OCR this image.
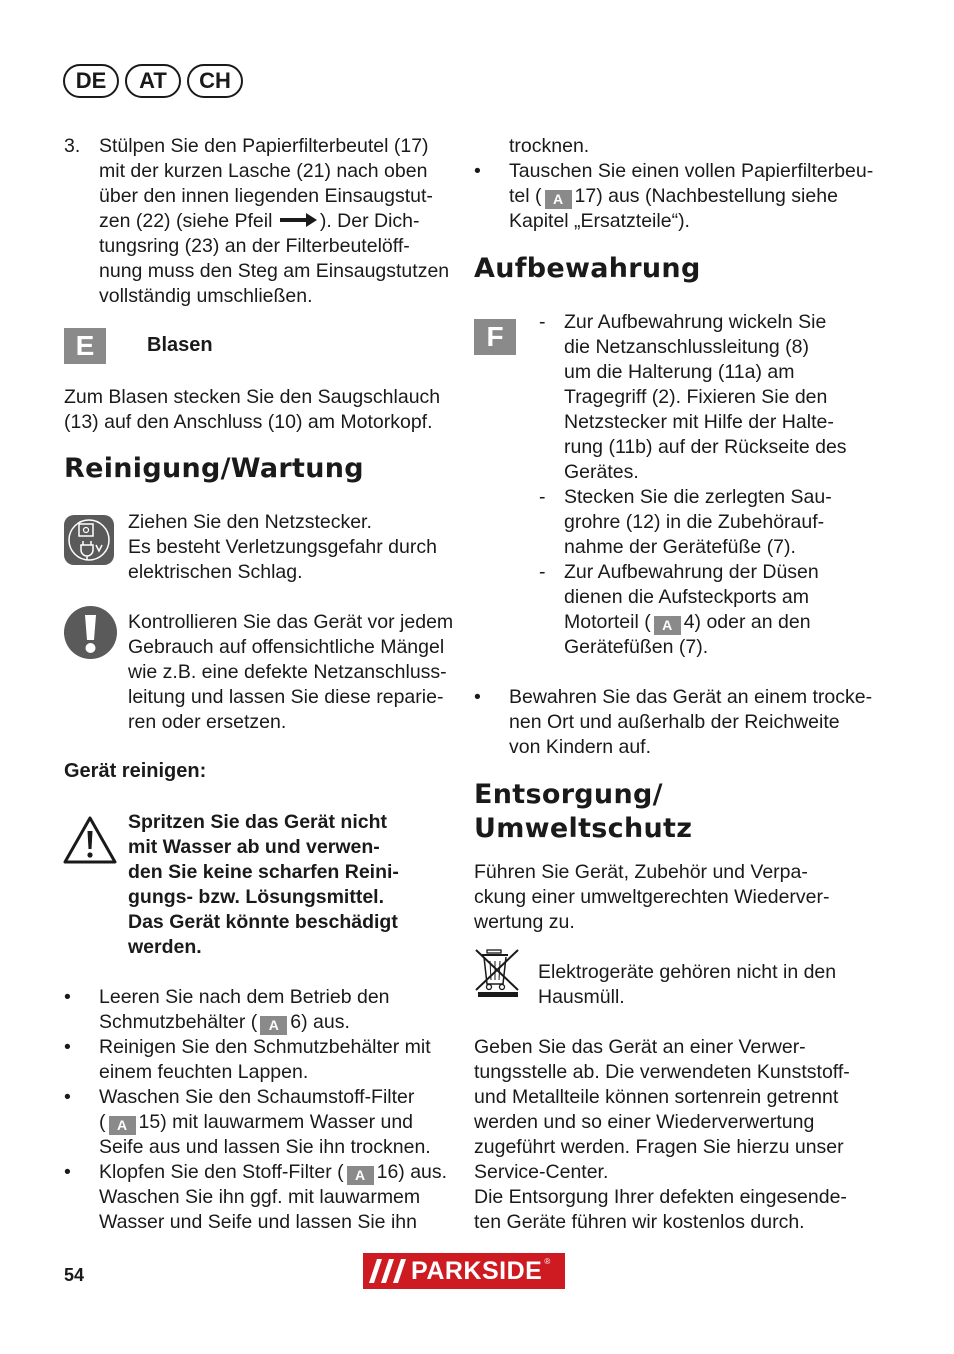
DE	AT	CH
3. Stülpen Sie den Papierfilterbeutel (17)
mit der kurzen Lasche (21) nach oben
über den innen liegenden Einsaugstut-
zen (22) (siehe Pfeil ). Der Dich-
tungsring (23) an der Filterbeutelöff-
nung muss den Steg am Einsaugstutzen
vollständig umschließen.
E	Blasen
Zum Blasen stecken Sie den Saugschlauch
(13) auf den Anschluss (10) am Motorkopf.
Reinigung/Wartung
Ziehen Sie den Netzstecker.
Es besteht Verletzungsgefahr durch
elektrischen Schlag.
Kontrollieren Sie das Gerät vor jedem
Gebrauch auf offensichtliche Mängel
wie z.B. eine defekte Netzanschluss-
leitung und lassen Sie diese reparie-
ren oder ersetzen.
Gerät reinigen:
Spritzen Sie das Gerät nicht
mit Wasser ab und verwen-
den Sie keine scharfen Reini-
gungs- bzw. Lösungsmittel.
Das Gerät könnte beschädigt
werden.
• Leeren Sie nach dem Betrieb den
Schmutzbehälter ( A 6) aus.
• Reinigen Sie den Schmutzbehälter mit
einem feuchten Lappen.
• Waschen Sie den Schaumstoff-Filter
( A 15) mit lauwarmem Wasser und
Seife aus und lassen Sie ihn trocknen.
• Klopfen Sie den Stoff-Filter ( A 16) aus.
Waschen Sie ihn ggf. mit lauwarmem
Wasser und Seife und lassen Sie ihn
trocknen.
• Tauschen Sie einen vollen Papierfilterbeu-
tel ( A 17) aus (Nachbestellung siehe
Kapitel „Ersatzteile“).
Aufbewahrung
F	- Zur Aufbewahrung wickeln Sie
die Netzanschlussleitung (8)
um die Halterung (11a) am
Tragegriff (2). Fixieren Sie den
Netzstecker mit Hilfe der Halte-
rung (11b) auf der Rückseite des
Gerätes.
- Stecken Sie die zerlegten Sau-
grohre (12) in die Zubehörauf-
nahme der Gerätefüße (7).
- Zur Aufbewahrung der Düsen
dienen die Aufsteckports am
Motorteil ( A 4) oder an den
Gerätefüßen (7).
• Bewahren Sie das Gerät an einem trocke-
nen Ort und außerhalb der Reichweite
von Kindern auf.
Entsorgung/
Umweltschutz
Führen Sie Gerät, Zubehör und Verpa-
ckung einer umweltgerechten Wiederver-
wertung zu.
Elektrogeräte gehören nicht in den
Hausmüll.
Geben Sie das Gerät an einer Verwer-
tungsstelle ab. Die verwendeten Kunststoff-
und Metallteile können sortenrein getrennt
werden und so einer Wiederverwertung
zugeführt werden. Fragen Sie hierzu unser
Service-Center.
Die Entsorgung Ihrer defekten eingesende-
ten Geräte führen wir kostenlos durch.
54	PARKSIDE ®
